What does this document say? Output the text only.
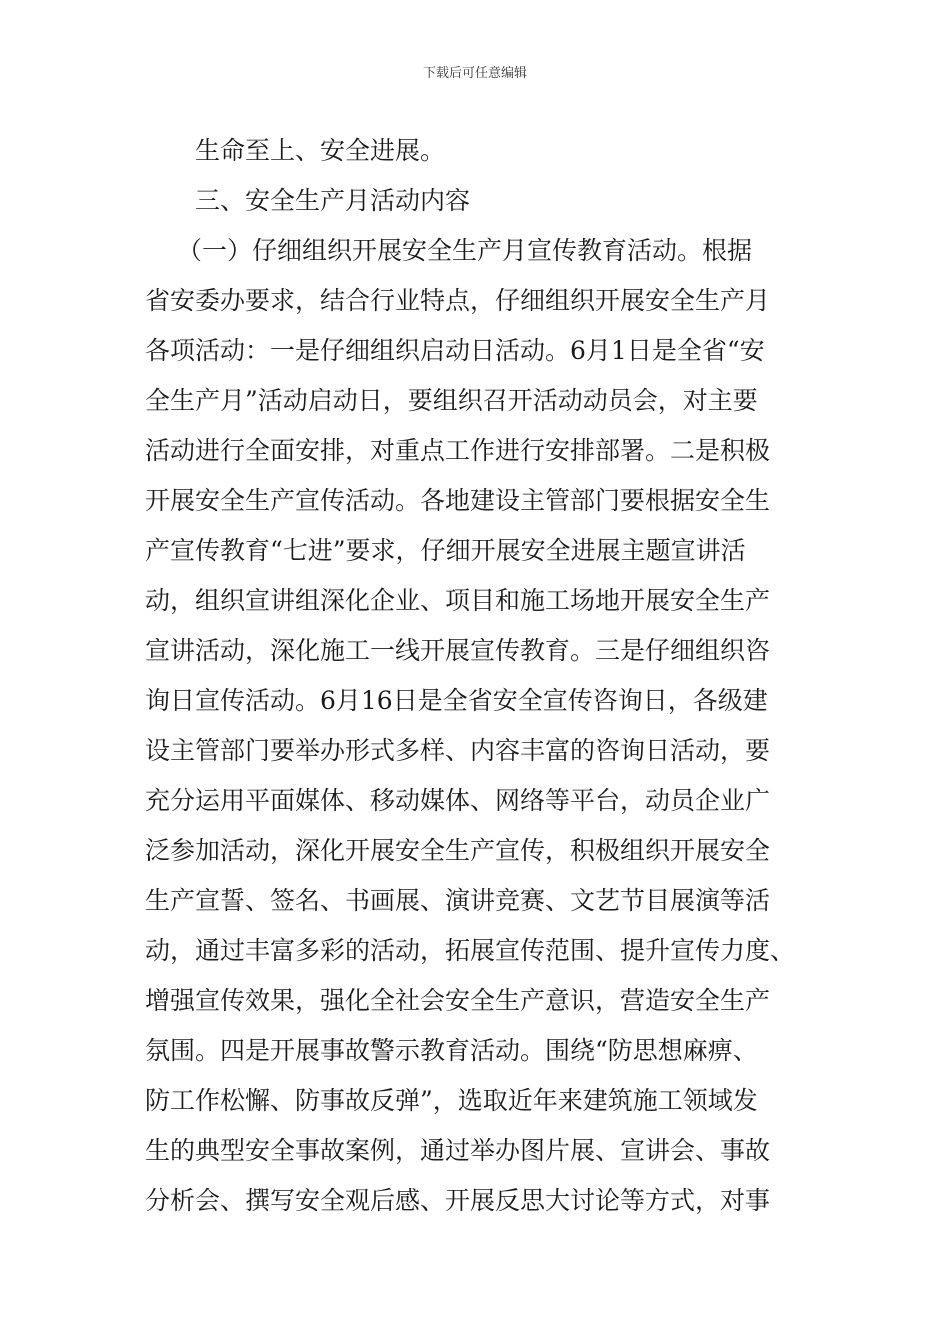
下载后可任意编辑
生命至上、安全进展。
三、安全生产月活动内容
（一）仔细组织开展安全生产月宣传教育活动。根据
省安委办要求，结合行业特点，仔细组织开展安全生产月
各项活动：一是仔细组织启动日活动。6月1日是全省“安
全生产月”活动启动日，要组织召开活动动员会，对主要
活动进行全面安排，对重点工作进行安排部署。二是积极
开展安全生产宣传活动。各地建设主管部门要根据安全生
产宣传教育“七进”要求，仔细开展安全进展主题宣讲活
动，组织宣讲组深化企业、项目和施工场地开展安全生产
宣讲活动，深化施工一线开展宣传教育。三是仔细组织咨
询日宣传活动。6月16日是全省安全宣传咨询日，各级建
设主管部门要举办形式多样、内容丰富的咨询日活动，要
充分运用平面媒体、移动媒体、网络等平台，动员企业广
泛参加活动，深化开展安全生产宣传，积极组织开展安全
生产宣誓、签名、书画展、演讲竞赛、文艺节目展演等活
动，通过丰富多彩的活动，拓展宣传范围、提升宣传力度、
增强宣传效果，强化全社会安全生产意识，营造安全生产
氛围。四是开展事故警示教育活动。围绕“防思想麻痹、
防工作松懈、防事故反弹”，选取近年来建筑施工领域发
生的典型安全事故案例，通过举办图片展、宣讲会、事故
分析会、撰写安全观后感、开展反思大讨论等方式，对事
